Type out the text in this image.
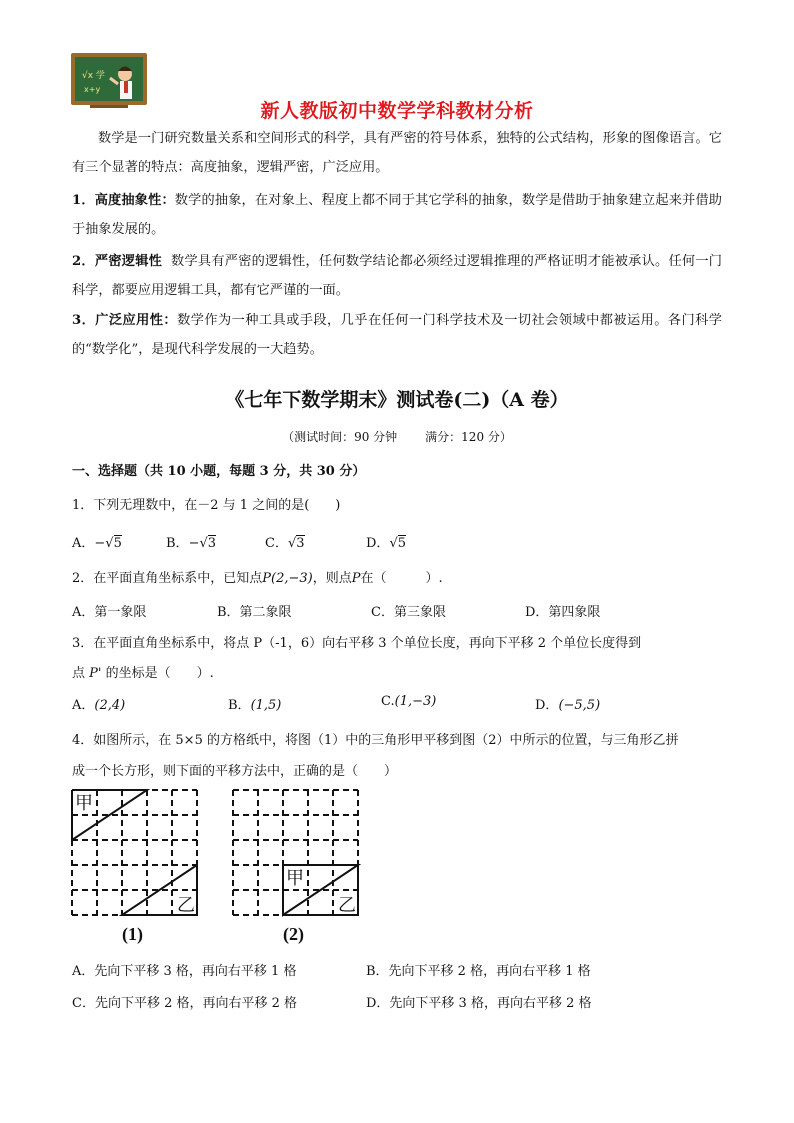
√x 学
x+y
新人教版初中数学学科教材分析
数学是一门研究数量关系和空间形式的科学，具有严密的符号体系，独特的公式结构，形象的图像语言。它有三个显著的特点：高度抽象，逻辑严密，广泛应用。
1．高度抽象性：数学的抽象，在对象上、程度上都不同于其它学科的抽象，数学是借助于抽象建立起来并借助于抽象发展的。
2．严密逻辑性 数学具有严密的逻辑性，任何数学结论都必须经过逻辑推理的严格证明才能被承认。任何一门科学，都要应用逻辑工具，都有它严谨的一面。
3．广泛应用性：数学作为一种工具或手段，几乎在任何一门科学技术及一切社会领域中都被运用。各门科学的“数学化”，是现代科学发展的一大趋势。
《七年下数学期末》测试卷(二)（A 卷）
（测试时间：90 分钟 满分：120 分）
一、选择题（共 10 小题，每题 3 分，共 30 分）
1．下列无理数中，在－2 与 1 之间的是(　　)
A．−√5	B．−√3	C．√3	D．√5
2．在平面直角坐标系中，已知点P(2,−3)，则点P在（　　　）.
A．第一象限	B．第二象限	C．第三象限	D．第四象限
3．在平面直角坐标系中，将点 P（-1，6）向右平移 3 个单位长度，再向下平移 2 个单位长度得到
点 P' 的坐标是（　　）.
A．(2,4)	B．(1,5)	C.(1,−3)	D．(−5,5)
4．如图所示，在 5×5 的方格纸中，将图（1）中的三角形甲平移到图（2）中所示的位置，与三角形乙拼
成一个长方形，则下面的平移方法中，正确的是（　　）
甲
乙
(1)
甲
乙
(2)
A．先向下平移 3 格，再向右平移 1 格	B．先向下平移 2 格，再向右平移 1 格
C．先向下平移 2 格，再向右平移 2 格	D．先向下平移 3 格，再向右平移 2 格
